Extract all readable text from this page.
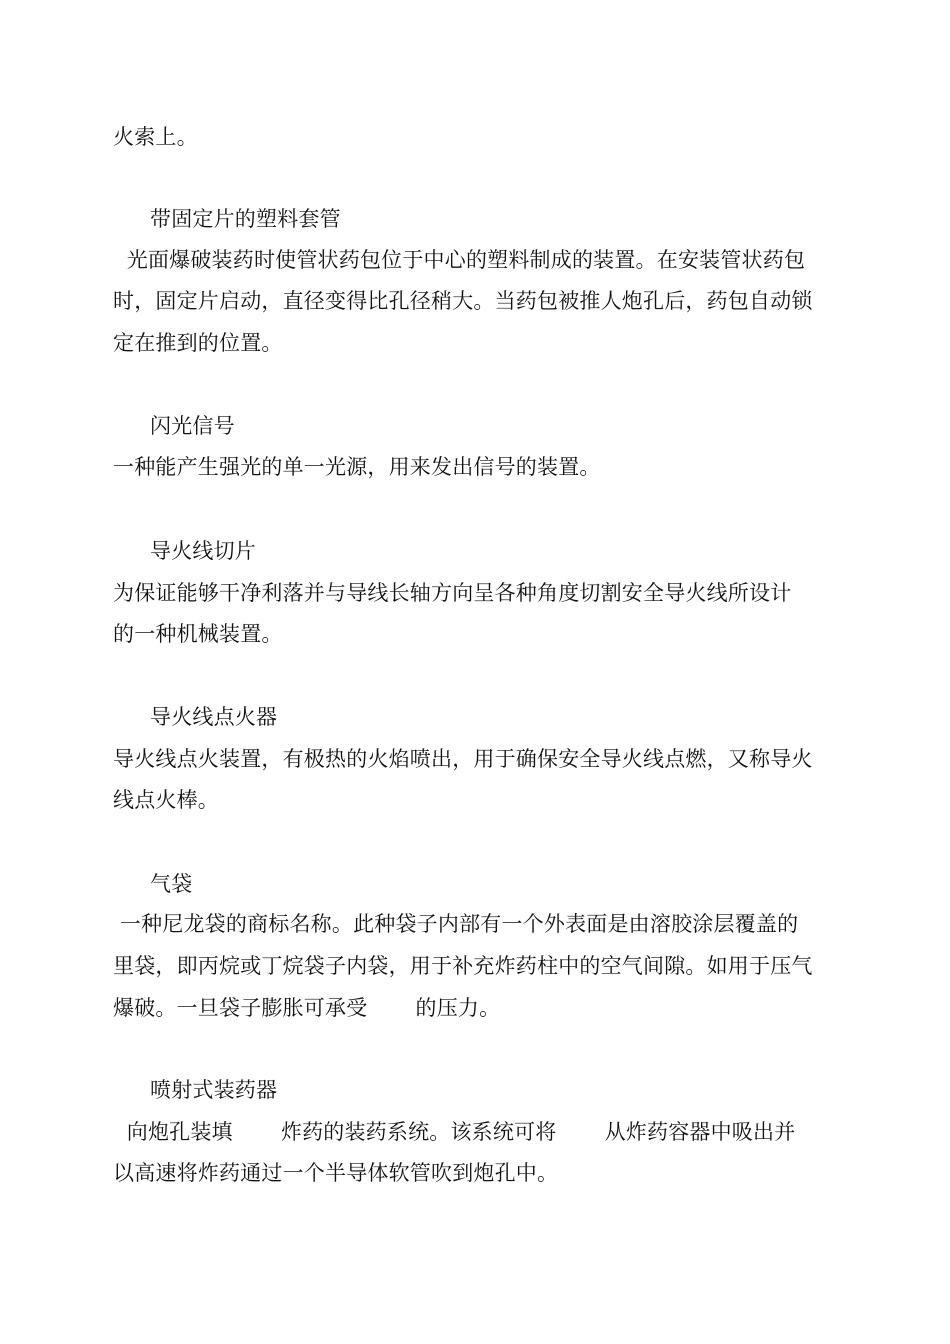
火索上。
带固定片的塑料套管
光面爆破装药时使管状药包位于中心的塑料制成的装置。在安装管状药包
时，固定片启动，直径变得比孔径稍大。当药包被推人炮孔后，药包自动锁
定在推到的位置。
闪光信号
一种能产生强光的单一光源，用来发出信号的装置。
导火线切片
为保证能够干净利落并与导线长轴方向呈各种角度切割安全导火线所设计
的一种机械装置。
导火线点火器
导火线点火装置，有极热的火焰喷出，用于确保安全导火线点燃，又称导火
线点火棒。
气袋
一种尼龙袋的商标名称。此种袋子内部有一个外表面是由溶胶涂层覆盖的
里袋，即丙烷或丁烷袋子内袋，用于补充炸药柱中的空气间隙。如用于压气
爆破。一旦袋子膨胀可承受       的压力。
喷射式装药器
向炮孔装填       炸药的装药系统。该系统可将       从炸药容器中吸出并
以高速将炸药通过一个半导体软管吹到炮孔中。
